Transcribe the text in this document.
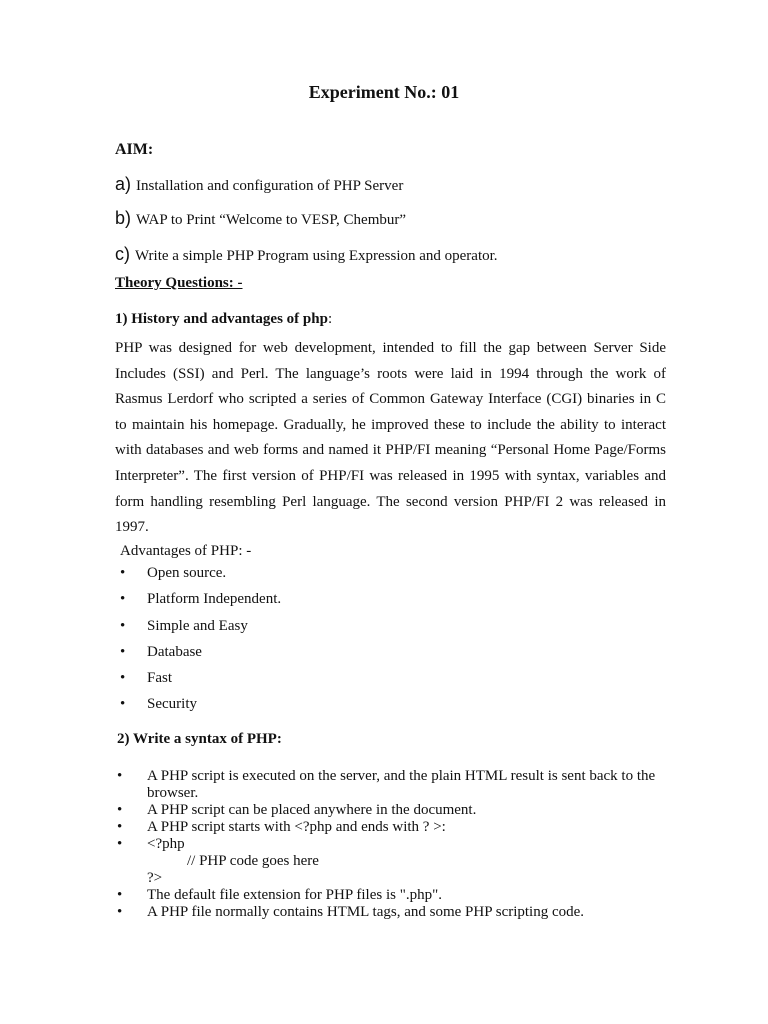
Experiment No.: 01
AIM:
a) Installation and configuration of PHP Server
b) WAP to Print “Welcome to VESP, Chembur”
c) Write a simple PHP Program using Expression and operator.
Theory Questions: -
1) History and advantages of php:
PHP was designed for web development, intended to fill the gap between Server Side Includes (SSI) and Perl. The language’s roots were laid in 1994 through the work of Rasmus Lerdorf who scripted a series of Common Gateway Interface (CGI) binaries in C to maintain his homepage. Gradually, he improved these to include the ability to interact with databases and web forms and named it PHP/FI meaning “Personal Home Page/Forms Interpreter”. The first version of PHP/FI was released in 1995 with syntax, variables and form handling resembling Perl language. The second version PHP/FI 2 was released in 1997.
Advantages of PHP: -
• Open source.
• Platform Independent.
• Simple and Easy
• Database
• Fast
• Security
2) Write a syntax of PHP:
• A PHP script is executed on the server, and the plain HTML result is sent back to the browser.
• A PHP script can be placed anywhere in the document.
• A PHP script starts with <?php and ends with ? >:
• <?php
// PHP code goes here
?>
• The default file extension for PHP files is ".php".
• A PHP file normally contains HTML tags, and some PHP scripting code.
